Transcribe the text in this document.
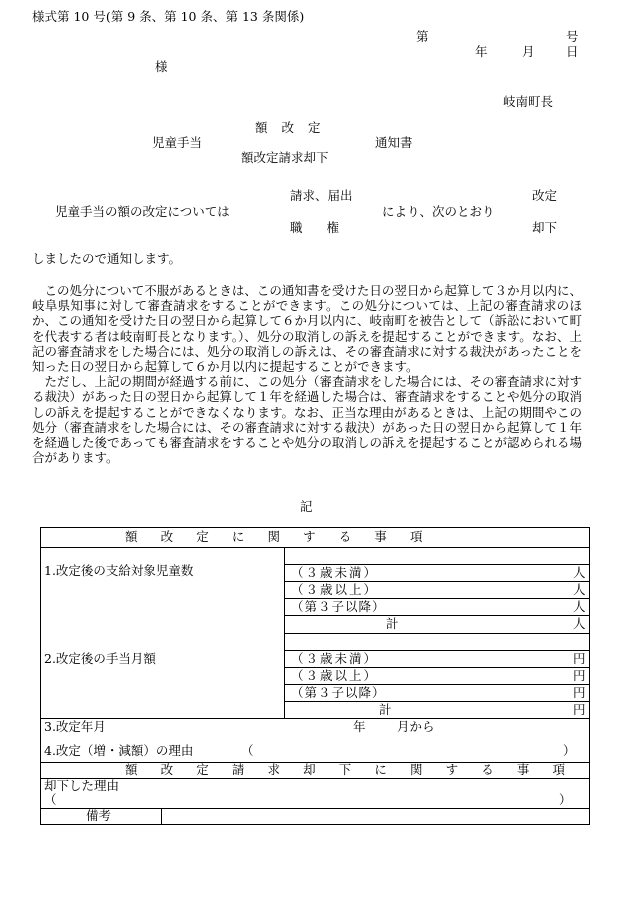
様式第 10 号(第 9 条、第 10 条、第 13 条関係)
第	号
年	月	日
様
岐南町長
額 改 定
児童手当	通知書
額改定請求却下
請求、届出	改定
児童手当の額の改定については	により、次のとおり
職 権	却下
しましたので通知します。
この処分について不服があるときは、この通知書を受けた日の翌日から起算して３か月以内に、岐阜県知事に対して審査請求をすることができます。この処分については、上記の審査請求のほか、この通知を受けた日の翌日から起算して６か月以内に、岐南町を被告として（訴訟において町を代表する者は岐南町長となります。）、処分の取消しの訴えを提起することができます。なお、上記の審査請求をした場合には、処分の取消しの訴えは、その審査請求に対する裁決があったことを知った日の翌日から起算して６か月以内に提起することができます。
ただし、上記の期間が経過する前に、この処分（審査請求をした場合には、その審査請求に対する裁決）があった日の翌日から起算して１年を経過した場合は、審査請求をすることや処分の取消しの訴えを提起することができなくなります。なお、正当な理由があるときは、上記の期間やこの処分（審査請求をした場合には、その審査請求に対する裁決）があった日の翌日から起算して１年を経過した後であっても審査請求をすることや処分の取消しの訴えを提起することが認められる場合があります。
記
額改定に関する事項
1.改定後の支給対象児童数	（３歳未満）	人
（３歳以上）	人
（第３子以降）	人
計	人
2.改定後の手当月額	（３歳未満）	円
（３歳以上）	円
（第３子以降）	円
計	円
3.改定年月	年	月から
4.改定（増・減額）の理由	（	）
額改定請求却下に関する事項
却下した理由
（	）
備考
